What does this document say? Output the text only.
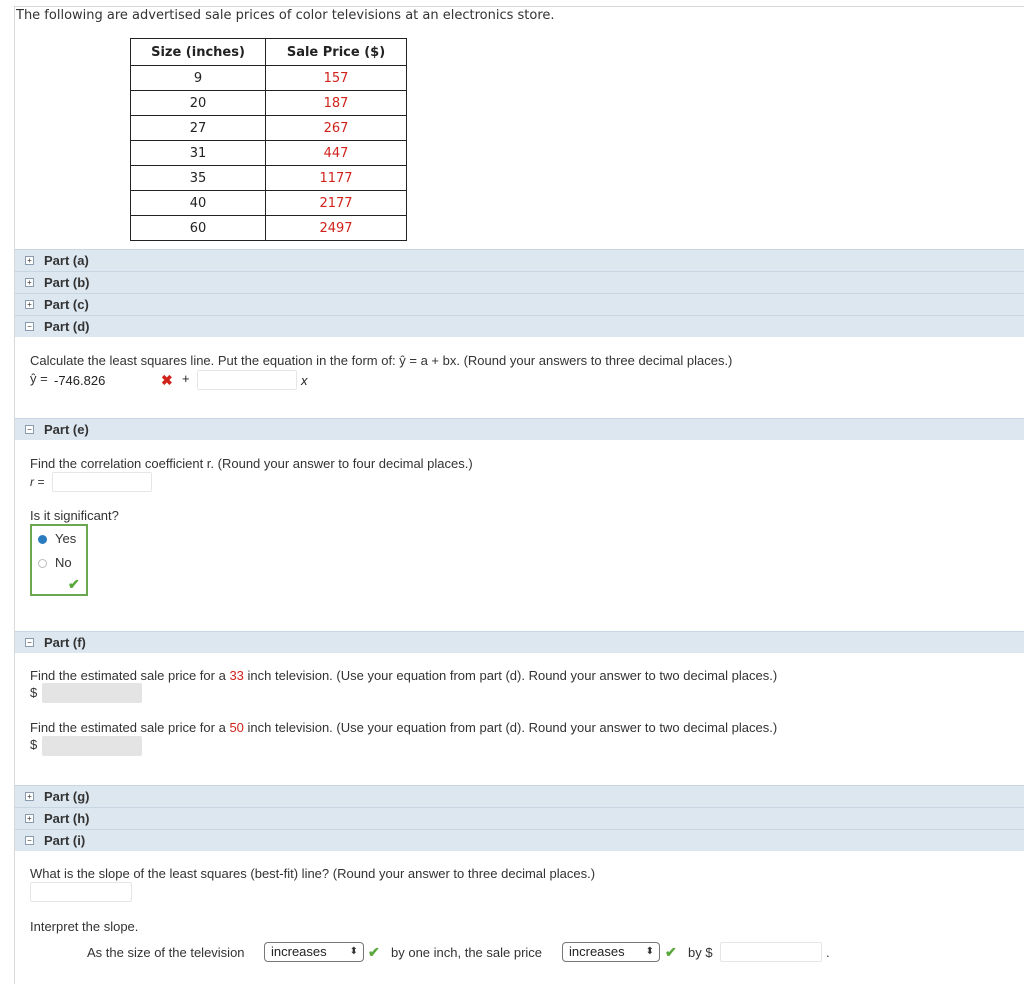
The following are advertised sale prices of color televisions at an electronics store.
Size (inches)	Sale Price ($)
9	157
20	187
27	267
31	447
35	1177
40	2177
60	2497
+ Part (a)
+ Part (b)
+ Part (c)
− Part (d)
Calculate the least squares line. Put the equation in the form of: ŷ = a + bx. (Round your answers to three decimal places.)
ŷ = -746.826	✖ +	x
− Part (e)
Find the correlation coefficient r. (Round your answer to four decimal places.)
r =
Is it significant?
Yes
No
✔
− Part (f)
Find the estimated sale price for a 33 inch television. (Use your equation from part (d). Round your answer to two decimal places.)
$
Find the estimated sale price for a 50 inch television. (Use your equation from part (d). Round your answer to two decimal places.)
$
+ Part (g)
+ Part (h)
− Part (i)
What is the slope of the least squares (best-fit) line? (Round your answer to three decimal places.)
Interpret the slope.
As the size of the television	increases ⬍ ✔ by one inch, the sale price	increases ⬍ ✔ by $	.
